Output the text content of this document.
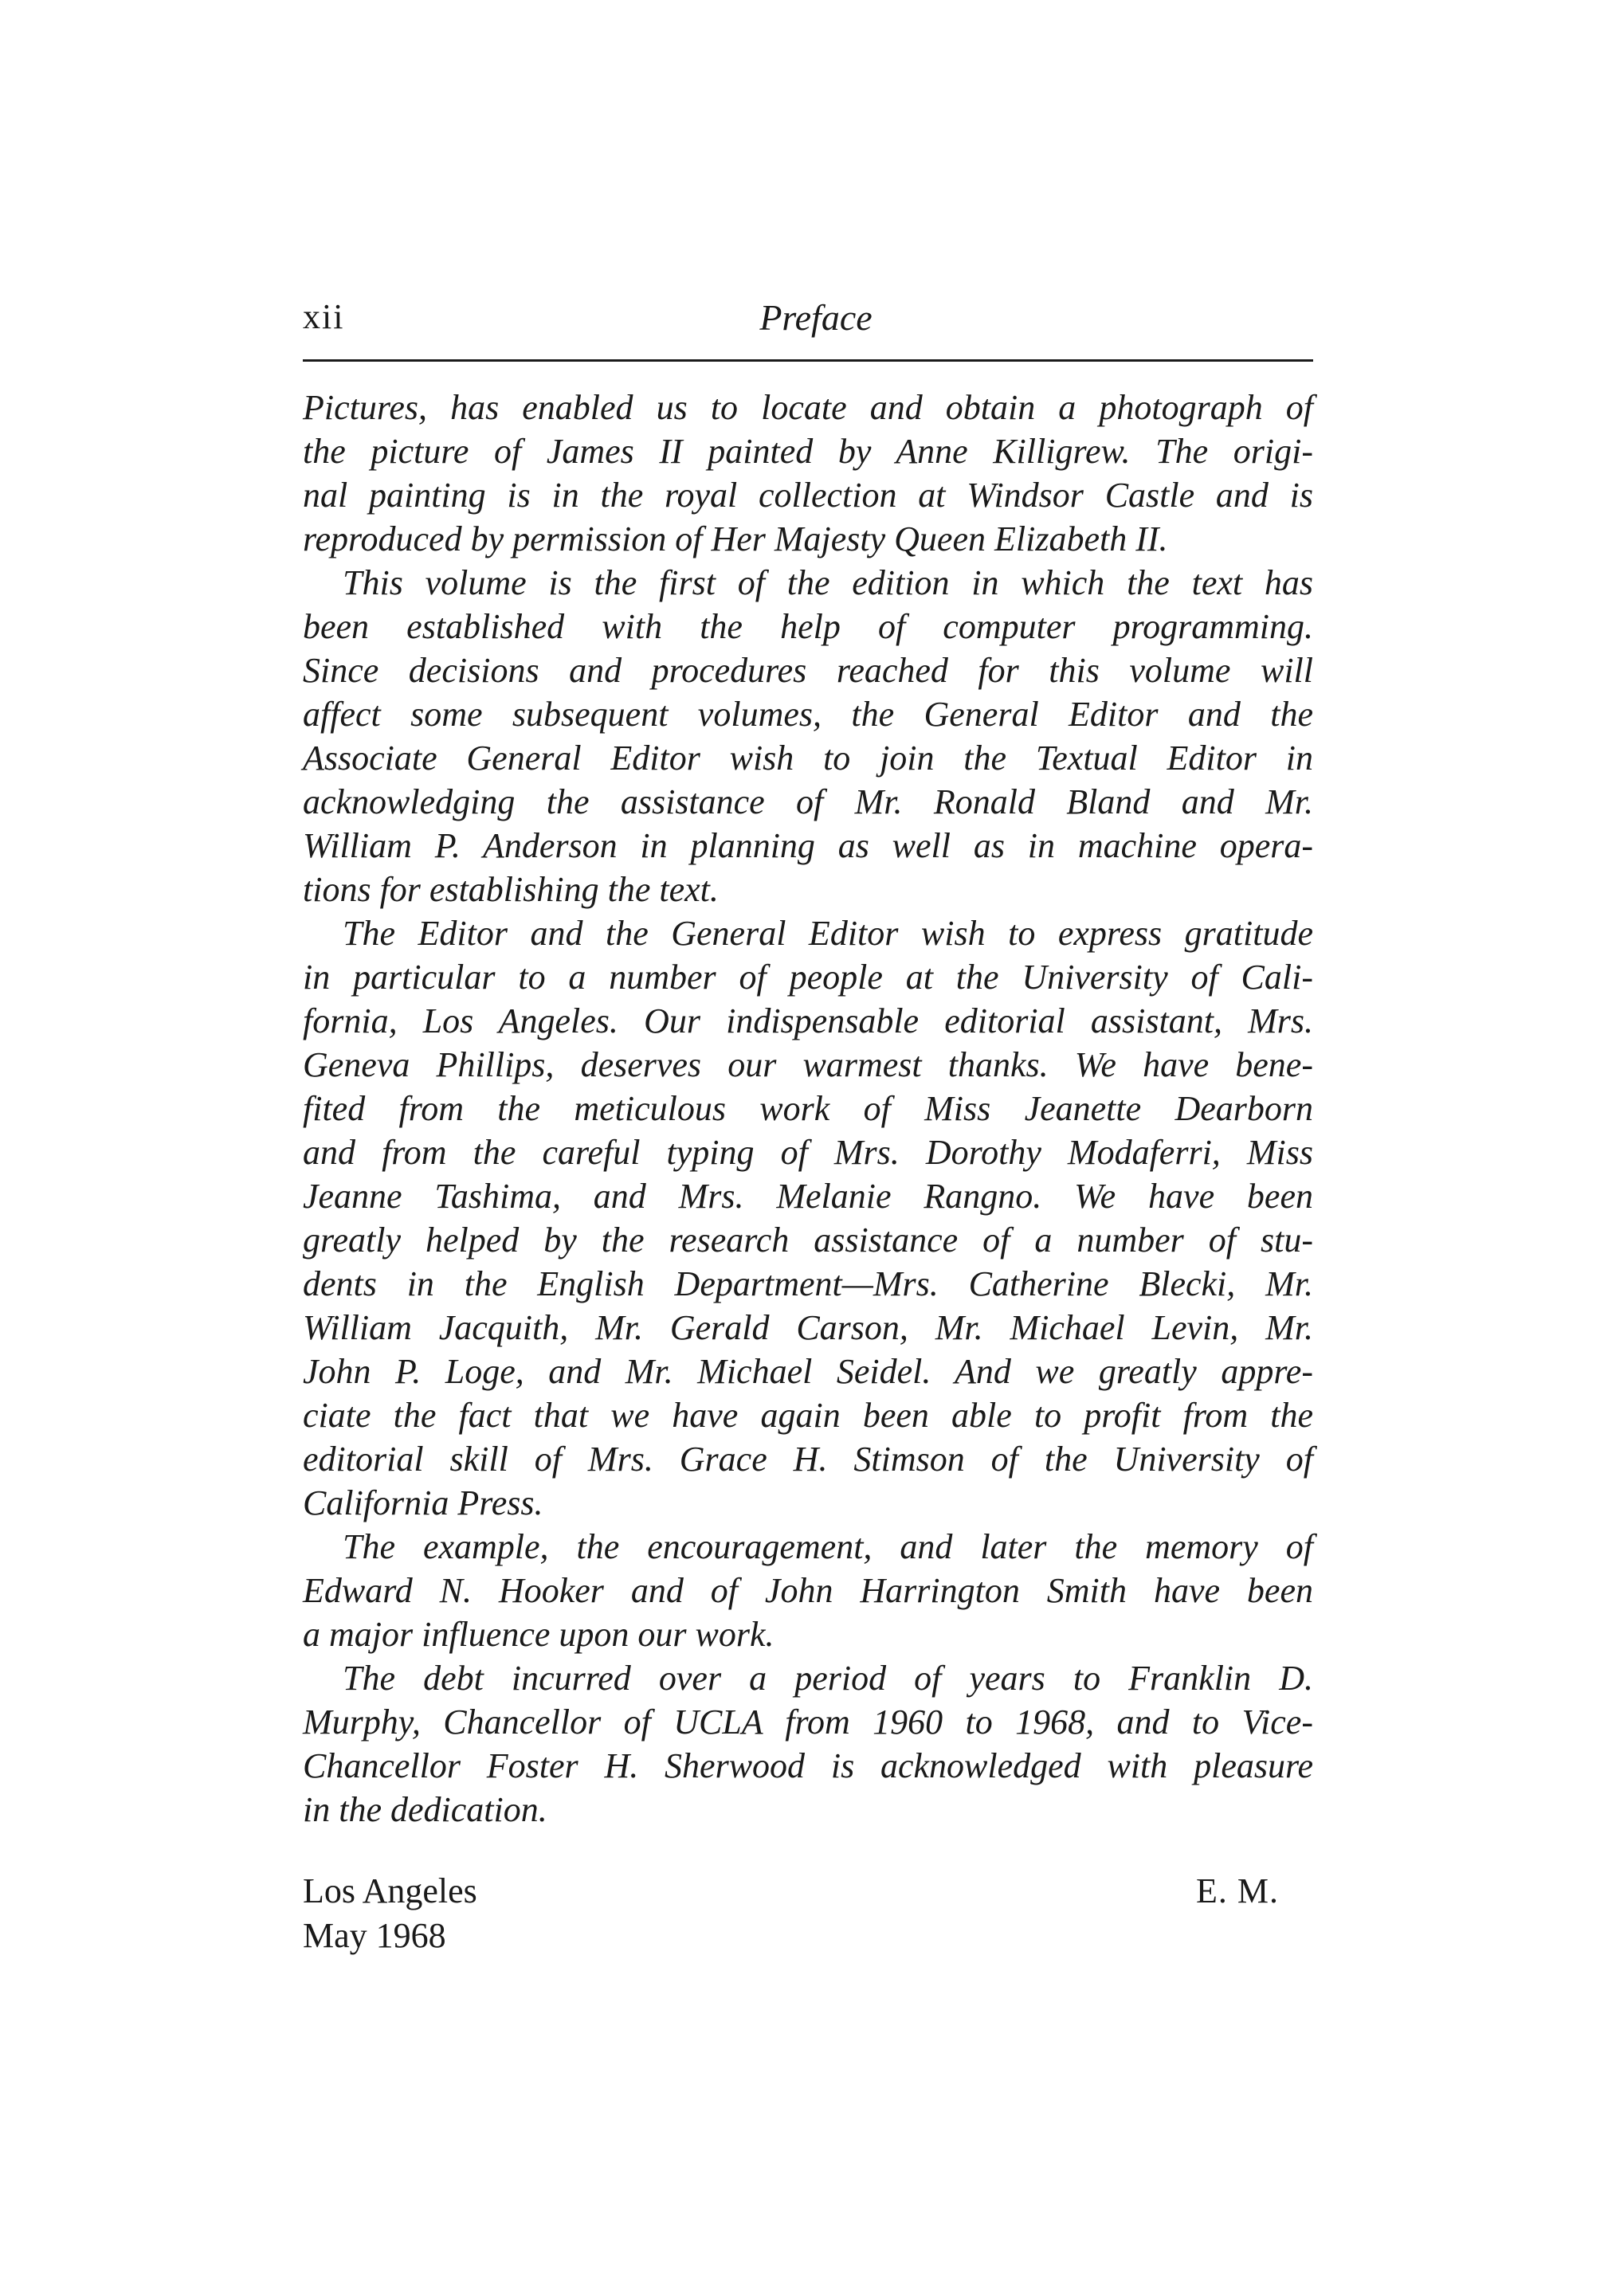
xii	Preface
Pictures, has enabled us to locate and obtain a photograph of
the picture of James II painted by Anne Killigrew. The origi-
nal painting is in the royal collection at Windsor Castle and is
reproduced by permission of Her Majesty Queen Elizabeth II.
This volume is the first of the edition in which the text has
been established with the help of computer programming.
Since decisions and procedures reached for this volume will
affect some subsequent volumes, the General Editor and the
Associate General Editor wish to join the Textual Editor in
acknowledging the assistance of Mr. Ronald Bland and Mr.
William P. Anderson in planning as well as in machine opera-
tions for establishing the text.
The Editor and the General Editor wish to express gratitude
in particular to a number of people at the University of Cali-
fornia, Los Angeles. Our indispensable editorial assistant, Mrs.
Geneva Phillips, deserves our warmest thanks. We have bene-
fited from the meticulous work of Miss Jeanette Dearborn
and from the careful typing of Mrs. Dorothy Modaferri, Miss
Jeanne Tashima, and Mrs. Melanie Rangno. We have been
greatly helped by the research assistance of a number of stu-
dents in the English Department—Mrs. Catherine Blecki, Mr.
William Jacquith, Mr. Gerald Carson, Mr. Michael Levin, Mr.
John P. Loge, and Mr. Michael Seidel. And we greatly appre-
ciate the fact that we have again been able to profit from the
editorial skill of Mrs. Grace H. Stimson of the University of
California Press.
The example, the encouragement, and later the memory of
Edward N. Hooker and of John Harrington Smith have been
a major influence upon our work.
The debt incurred over a period of years to Franklin D.
Murphy, Chancellor of UCLA from 1960 to 1968, and to Vice-
Chancellor Foster H. Sherwood is acknowledged with pleasure
in the dedication.
Los Angeles
May 1968
E. M.
